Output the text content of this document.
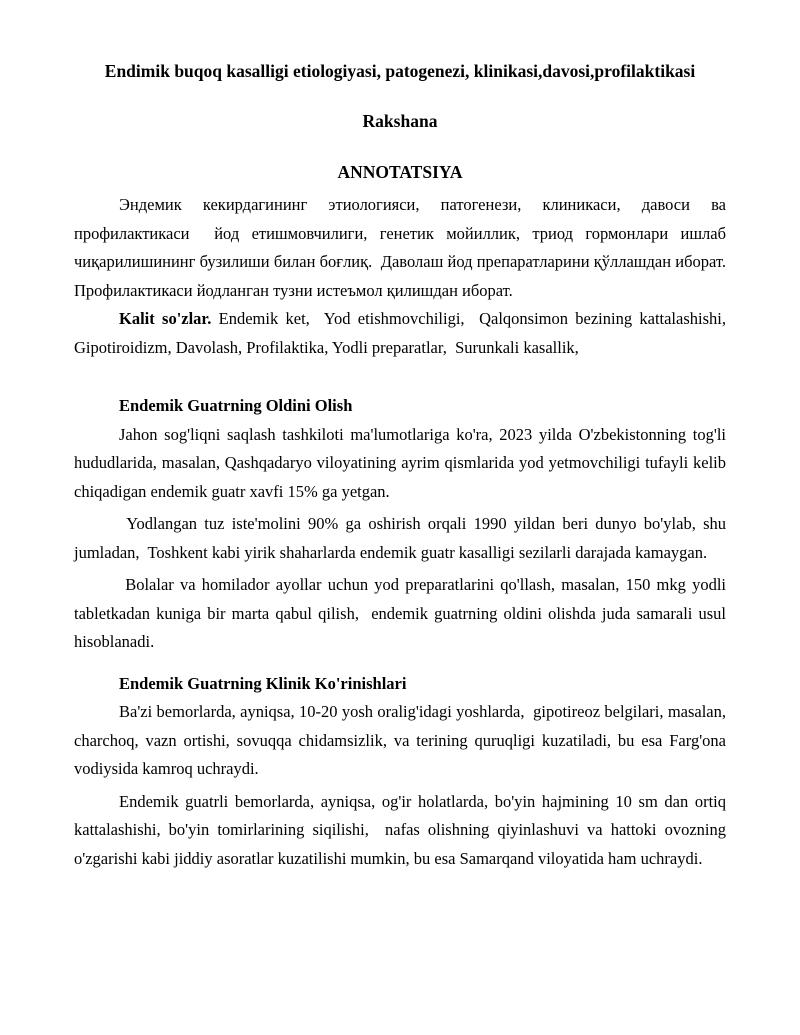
Endimik buqoq kasalligi etiologiyasi, patogenezi, klinikasi,davosi,profilaktikasi

Rakshana

ANNOTATSIYA

Эндемик кекирдагининг этиологияси, патогенези, клиникаси, давоси ва профилактикаси  йод етишмовчилиги, генетик мойиллик, триод гормонлари ишлаб чиқарилишининг бузилиши билан боғлиқ.  Даволаш йод препаратларини қўллашдан иборат.  Профилактикаси йодланган тузни истеъмол қилишдан иборат.

Kalit so'zlar. Endemik ket,  Yod etishmovchiligi,  Qalqonsimon bezining kattalashishi,  Gipotiroidizm, Davolash, Profilaktika, Yodli preparatlar,  Surunkali kasallik,

Endemik Guatrning Oldini Olish

Jahon sog'liqni saqlash tashkiloti ma'lumotlariga ko'ra, 2023 yilda O'zbekistonning tog'li hududlarida, masalan, Qashqadaryo viloyatining ayrim qismlarida yod yetmovchiligi tufayli kelib chiqadigan endemik guatr xavfi 15% ga yetgan.

Yodlangan tuz iste'molini 90% ga oshirish orqali 1990 yildan beri dunyo bo'ylab, shu jumladan,  Toshkent kabi yirik shaharlarda endemik guatr kasalligi sezilarli darajada kamaygan.

Bolalar va homilador ayollar uchun yod preparatlarini qo'llash, masalan, 150 mkg yodli tabletkadan kuniga bir marta qabul qilish,  endemik guatrning oldini olishda juda samarali usul hisoblanadi.

Endemik Guatrning Klinik Ko'rinishlari

Ba'zi bemorlarda, ayniqsa, 10-20 yosh oralig'idagi yoshlarda,  gipotireoz belgilari, masalan, charchoq, vazn ortishi, sovuqqa chidamsizlik, va terining quruqligi kuzatiladi, bu esa Farg'ona vodiysida kamroq uchraydi.

Endemik guatrli bemorlarda, ayniqsa, og'ir holatlarda, bo'yin hajmining 10 sm dan ortiq kattalashishi, bo'yin tomirlarining siqilishi,  nafas olishning qiyinlashuvi va hattoki ovozning o'zgarishi kabi jiddiy asoratlar kuzatilishi mumkin, bu esa Samarqand viloyatida ham uchraydi.
